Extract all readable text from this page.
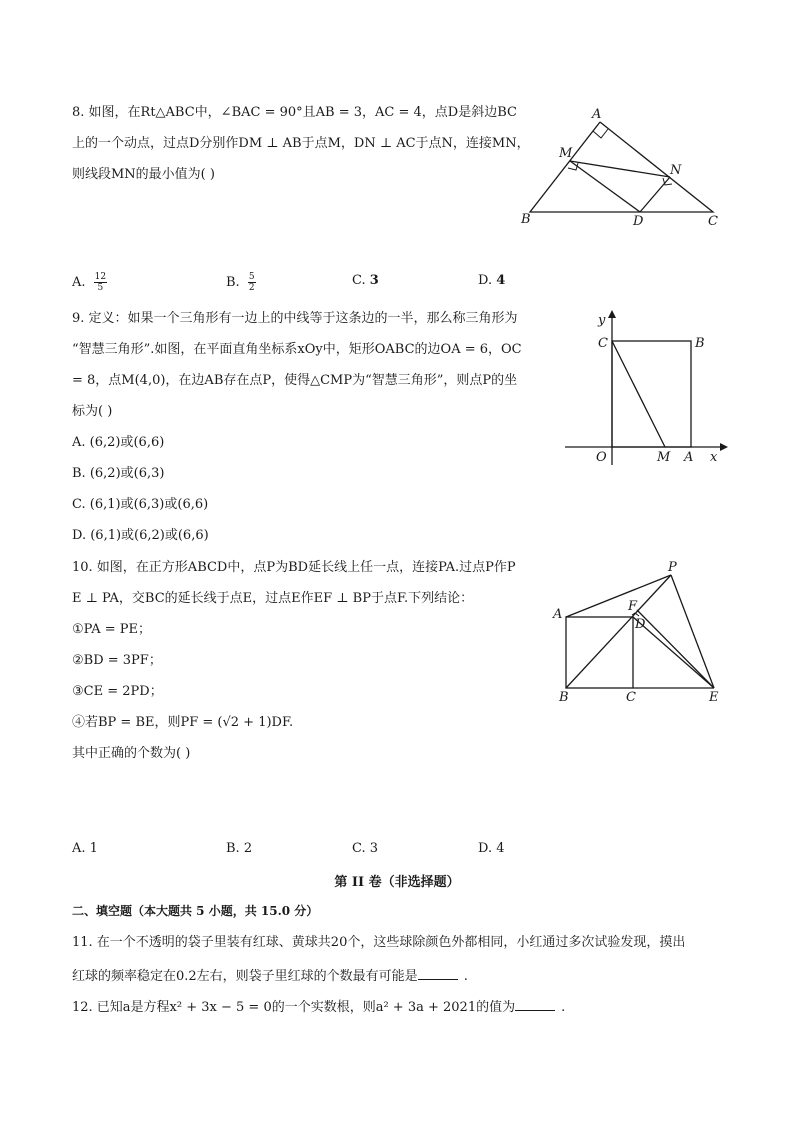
8. 如图，在Rt△ABC中，∠BAC = 90°且AB = 3，AC = 4，点D是斜边BC
上的一个动点，过点D分别作DM ⊥ AB于点M，DN ⊥ AC于点N，连接MN，
则线段MN的最小值为( )
A
M
N
B	D	C
A. $\frac{12}{5}$	B. $\frac{5}{2}$	C. 3	D. 4
9. 定义：如果一个三角形有一边上的中线等于这条边的一半，那么称三角形为
“智慧三角形”.如图，在平面直角坐标系xOy中，矩形OABC的边OA = 6，OC
= 8，点M(4,0)，在边AB存在点P，使得△CMP为“智慧三角形”，则点P的坐
标为( )
A. (6,2)或(6,6)
B. (6,2)或(6,3)
C. (6,1)或(6,3)或(6,6)
D. (6,1)或(6,2)或(6,6)
y
C	B
O	M A x
10. 如图，在正方形ABCD中，点P为BD延长线上任一点，连接PA.过点P作P
E ⊥ PA，交BC的延长线于点E，过点E作EF ⊥ BP于点F.下列结论：
①PA = PE；
②BD = 3PF；
③CE = 2PD；
④若BP = BE，则PF = (√2 + 1)DF.
其中正确的个数为( )
P
F
A
D
B	C	E
A. 1	B. 2	C. 3	D. 4
第 II 卷（非选择题）
二、填空题（本大题共 5 小题，共 15.0 分）
11. 在一个不透明的袋子里装有红球、黄球共20个，这些球除颜色外都相同，小红通过多次试验发现，摸出
红球的频率稳定在0.2左右，则袋子里红球的个数最有可能是	.
12. 已知a是方程x² + 3x − 5 = 0的一个实数根，则a² + 3a + 2021的值为	.
